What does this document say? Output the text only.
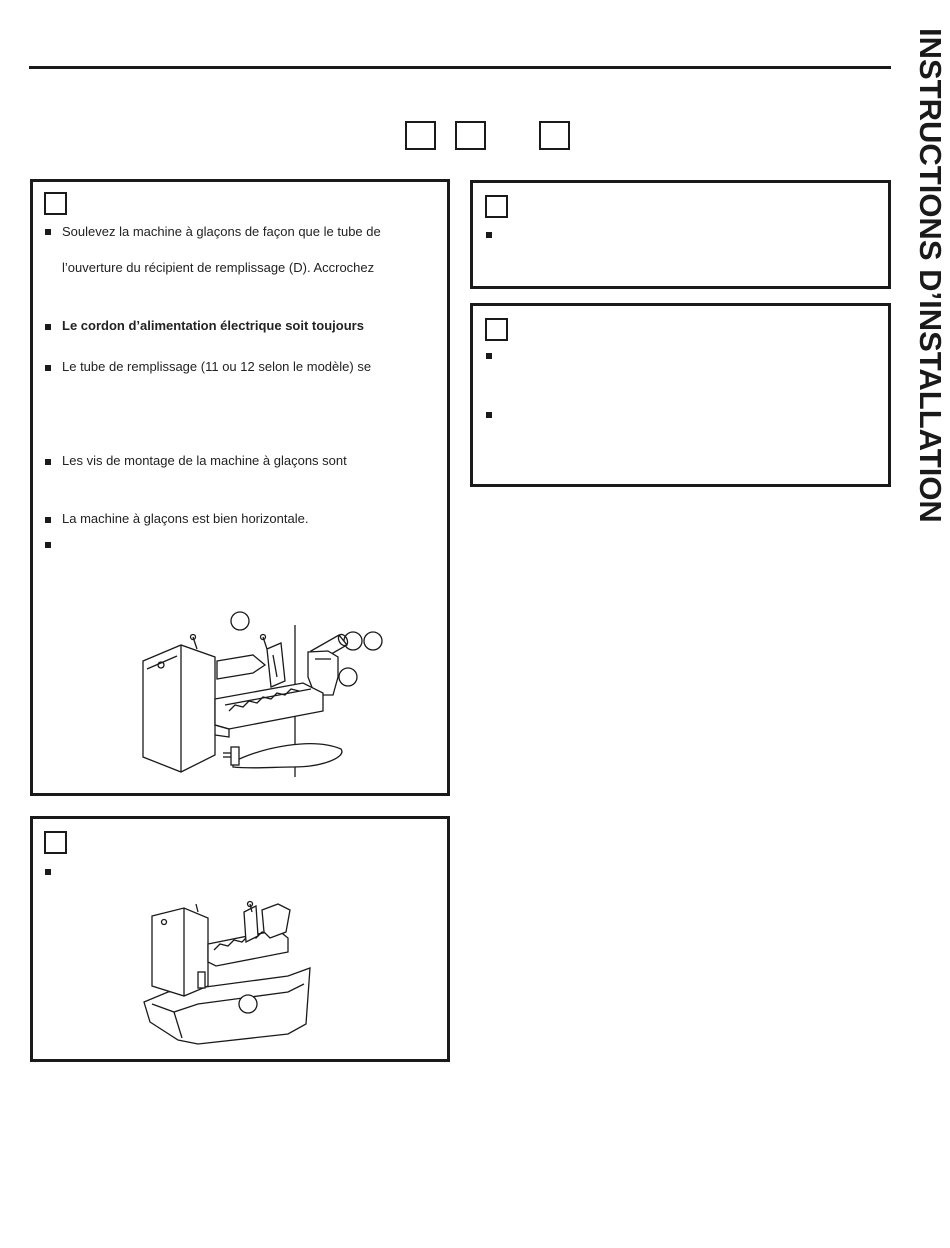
INSTRUCTIONS D’INSTALLATION
Soulevez la machine à glaçons de façon que le tube de
l’ouverture du récipient de remplissage (D). Accrochez
Le cordon d’alimentation électrique soit toujours
Le tube de remplissage (11 ou 12 selon le modèle) se
Les vis de montage de la machine à glaçons sont
La machine à glaçons est bien horizontale.
